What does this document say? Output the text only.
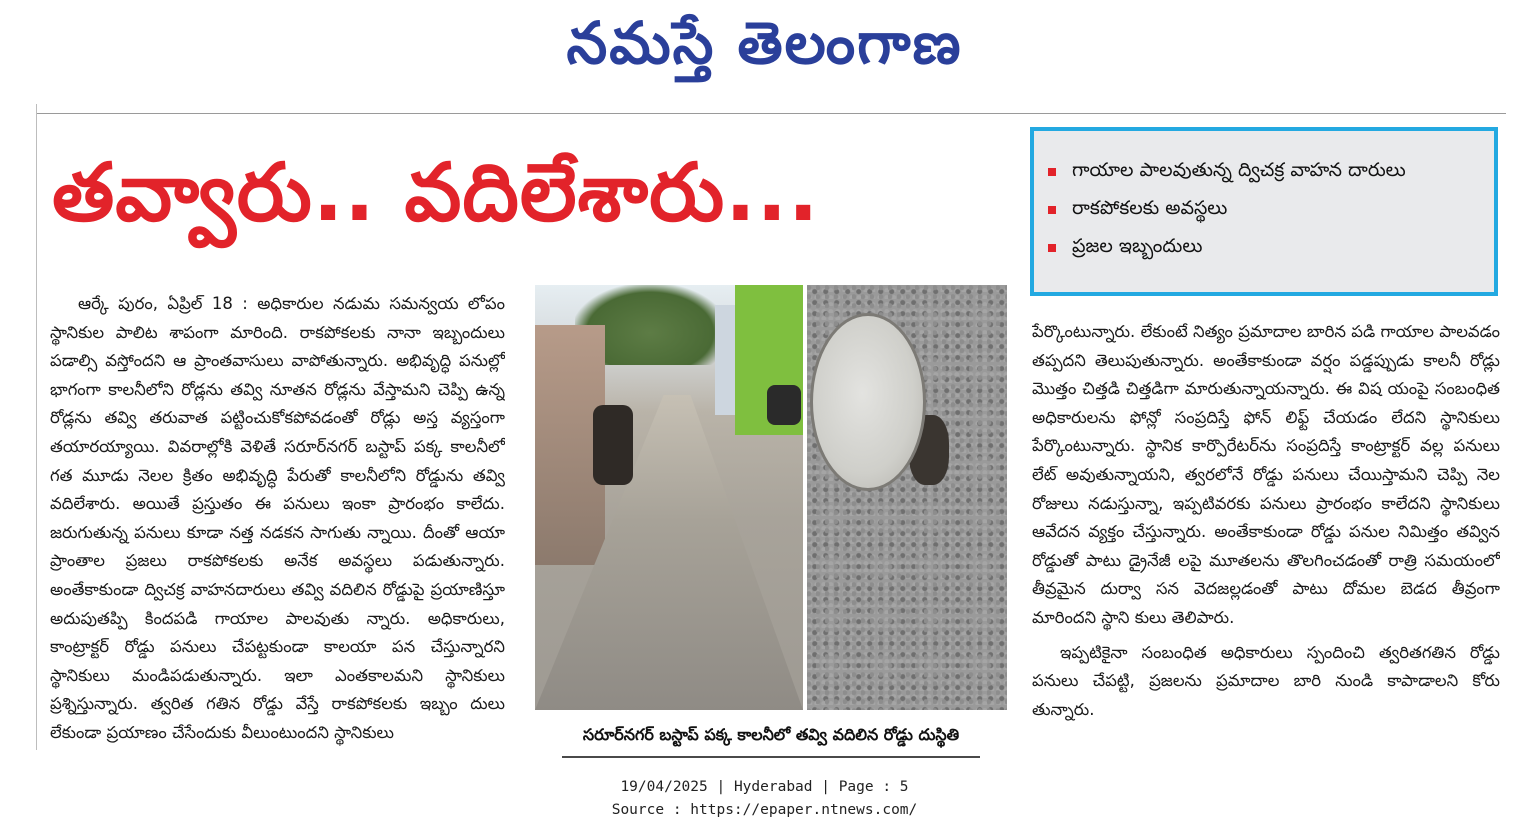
నమస్తే తెలంగాణ
తవ్వారు.. వదిలేశారు...	గాయాల పాలవుతున్న ద్విచక్ర వాహన దారులు
రాకపోకలకు అవస్థలు
ప్రజల ఇబ్బందులు

ఆర్కే పురం, ఏప్రిల్ 18 : అధికారుల నడుమ సమన్వయ లోపం స్థానికుల పాలిట శాపంగా మారింది. రాకపోకలకు నానా ఇబ్బందులు పడాల్సి వస్తోందని ఆ ప్రాంతవాసులు వాపోతున్నారు. అభివృద్ధి పనుల్లో భాగంగా కాలనీలోని రోడ్లను తవ్వి నూతన రోడ్లను వేస్తామని చెప్పి ఉన్న రోడ్లను తవ్వి తరువాత పట్టించుకోకపోవడంతో రోడ్లు అస్త వ్యస్తంగా తయారయ్యాయి. వివరాల్లోకి వెళితే సరూర్‌నగర్ బస్టాప్ పక్క కాలనీలో గత మూడు నెలల క్రితం అభివృద్ధి పేరుతో కాలనీలోని రోడ్డును తవ్వి వదిలేశారు. అయితే ప్రస్తుతం ఈ పనులు ఇంకా ప్రారంభం కాలేదు. జరుగుతున్న పనులు కూడా నత్త నడకన సాగుతు న్నాయి. దీంతో ఆయా ప్రాంతాల ప్రజలు రాకపోకలకు అనేక అవస్థలు పడుతున్నారు. అంతేకాకుండా ద్విచక్ర వాహనదారులు తవ్వి వదిలిన రోడ్డుపై ప్రయాణిస్తూ అదుపుతప్పి కిందపడి గాయాల పాలవుతు న్నారు. అధికారులు, కాంట్రాక్టర్ రోడ్డు పనులు చేపట్టకుండా కాలయా పన చేస్తున్నారని స్థానికులు మండిపడుతున్నారు. ఇలా ఎంతకాలమని స్థానికులు ప్రశ్నిస్తున్నారు. త్వరిత గతిన రోడ్డు వేస్తే రాకపోకలకు ఇబ్బం దులు లేకుండా ప్రయాణం చేసేందుకు వీలుంటుందని స్థానికులు	సరూర్‌నగర్ బస్టాప్ పక్క కాలనీలో తవ్వి వదిలిన రోడ్డు దుస్థితి

పేర్కొంటున్నారు. లేకుంటే నిత్యం ప్రమాదాల బారిన పడి గాయాల పాలవడం తప్పదని తెలుపుతున్నారు. అంతేకాకుండా వర్షం పడ్డప్పుడు కాలనీ రోడ్లు మొత్తం చిత్తడి చిత్తడిగా మారుతున్నాయన్నారు. ఈ విష యంపై సంబంధిత అధికారులను ఫోన్లో సంప్రదిస్తే ఫోన్ లిఫ్ట్ చేయడం లేదని స్థానికులు పేర్కొంటున్నారు. స్థానిక కార్పొరేటర్‌ను సంప్రదిస్తే కాంట్రాక్టర్ వల్ల పనులు లేట్ అవుతున్నాయని, త్వరలోనే రోడ్డు పనులు చేయిస్తామని చెప్పి నెల రోజులు నడుస్తున్నా, ఇప్పటివరకు పనులు ప్రారంభం కాలేదని స్థానికులు ఆవేదన వ్యక్తం చేస్తున్నారు. అంతేకాకుండా రోడ్డు పనుల నిమిత్తం తవ్విన రోడ్డుతో పాటు డ్రైనేజీ లపై మూతలను తొలగించడంతో రాత్రి సమయంలో తీవ్రమైన దుర్వా సన వెదజల్లడంతో పాటు దోమల బెడద తీవ్రంగా మారిందని స్థాని కులు తెలిపారు.

ఇప్పటికైనా సంబంధిత అధికారులు స్పందించి త్వరితగతిన రోడ్డు పనులు చేపట్టి, ప్రజలను ప్రమాదాల బారి నుండి కాపాడాలని కోరు తున్నారు.

19/04/2025 | Hyderabad | Page : 5
Source : https://epaper.ntnews.com/
